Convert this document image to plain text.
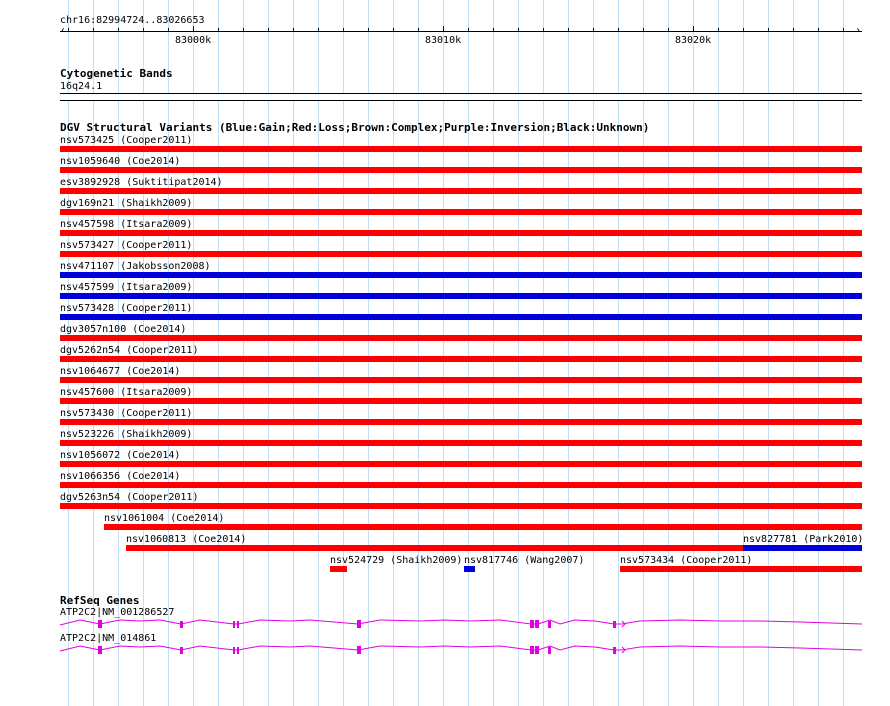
chr16:82994724..83026653
‹	›
83000k	83010k	83020k
Cytogenetic Bands
16q24.1
DGV Structural Variants (Blue:Gain;Red:Loss;Brown:Complex;Purple:Inversion;Black:Unknown)
nsv573425 (Cooper2011)
nsv1059640 (Coe2014)
esv3892928 (Suktitipat2014)
dgv169n21 (Shaikh2009)
nsv457598 (Itsara2009)
nsv573427 (Cooper2011)
nsv471107 (Jakobsson2008)
nsv457599 (Itsara2009)
nsv573428 (Cooper2011)
dgv3057n100 (Coe2014)
dgv5262n54 (Cooper2011)
nsv1064677 (Coe2014)
nsv457600 (Itsara2009)
nsv573430 (Cooper2011)
nsv523226 (Shaikh2009)
nsv1056072 (Coe2014)
nsv1066356 (Coe2014)
dgv5263n54 (Cooper2011)
nsv1061004 (Coe2014)
nsv1060813 (Coe2014)	nsv827781 (Park2010)
nsv524729 (Shaikh2009) nsv817746 (Wang2007)	nsv573434 (Cooper2011)
RefSeq Genes
ATP2C2|NM_001286527
ATP2C2|NM_014861
